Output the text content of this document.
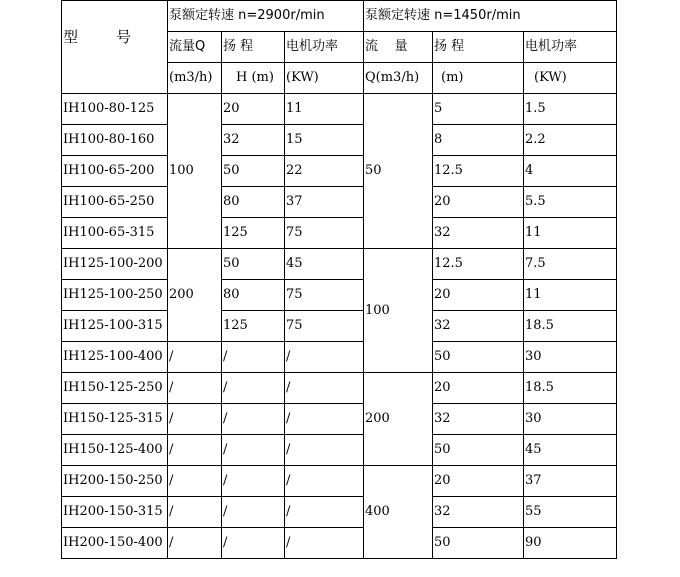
型 号	泵额定转速 n=2900r/min			泵额定转速 n=1450r/min		
	流量Q	扬 程	电机功率	流    量	扬 程	电机功率
	(m3/h)	H (m)	(KW)	Q(m3/h)	(m)	(KW)
IH100-80-125	100	20	11	50	5	1.5
IH100-80-160		32	15		8	2.2
IH100-65-200		50	22		12.5	4
IH100-65-250		80	37		20	5.5
IH100-65-315		125	75		32	11
IH125-100-200	200	50	45	100	12.5	7.5
IH125-100-250		80	75		20	11
IH125-100-315		125	75		32	18.5
IH125-100-400	/	/	/		50	30
IH150-125-250	/	/	/	200	20	18.5
IH150-125-315	/	/	/		32	30
IH150-125-400	/	/	/		50	45
IH200-150-250	/	/	/	400	20	37
IH200-150-315	/	/	/		32	55
IH200-150-400	/	/	/		50	90
